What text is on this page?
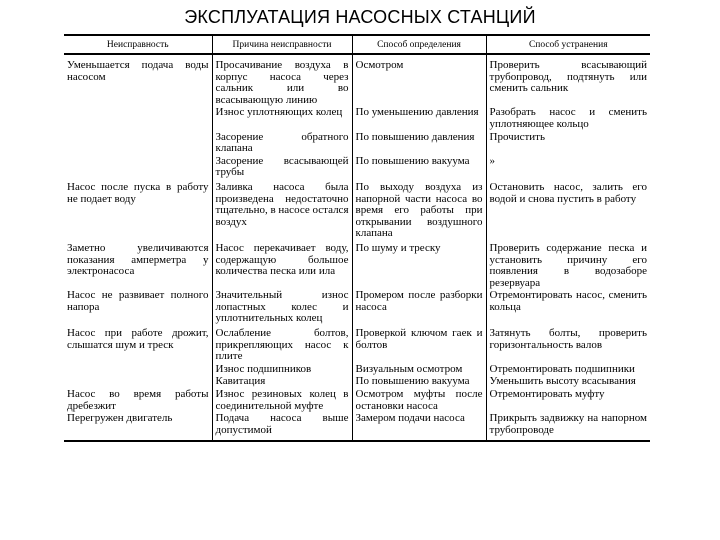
ЭКСПЛУАТАЦИЯ НАСОСНЫХ СТАНЦИЙ
Неисправность	Причина неисправности	Способ определения	Способ устранения
Уменьшается подача воды насосом	Просачивание воздуха в корпус насоса через сальник или во всасывающую линию	Осмотром	Проверить всасывающий трубопровод, подтянуть или сменить сальник
	Износ уплотняющих колец	По уменьшению давления	Разобрать насос и сменить уплотняющее кольцо
	Засорение обратного клапана	По повышению давления	Прочистить
	Засорение всасывающей трубы	По повышению вакуума	»
Насос после пуска в работу не подает воду	Заливка насоса была произведена недостаточно тщательно, в насосе остался воздух	По выходу воздуха из напорной части насоса во время его работы при открывании воздушного клапана	Остановить насос, залить его водой и снова пустить в работу
Заметно увеличиваются показания амперметра у электронасоса	Насос перекачивает воду, содержащую большое количества песка или ила	По шуму и треску	Проверить содержание песка и установить причину его появления в водозаборе резервуара
Насос не развивает полного напора	Значительный износ лопастных колес и уплотнительных колец	Промером после разборки насоса	Отремонтировать насос, сменить кольца
Насос при работе дрожит, слышатся шум и треск	Ослабление болтов, прикрепляющих насос к плите	Проверкой ключом гаек и болтов	Затянуть болты, проверить горизонтальность валов
	Износ подшипников	Визуальным осмотром	Отремонтировать подшипники
	Кавитация	По повышению вакуума	Уменьшить высоту всасывания
Насос во время работы дребезжит	Износ резиновых колец в соединительной муфте	Осмотром муфты после остановки насоса	Отремонтировать муфту
Перегружен двигатель	Подача насоса выше допустимой	Замером подачи насоса	Прикрыть задвижку на напорном трубопроводе
